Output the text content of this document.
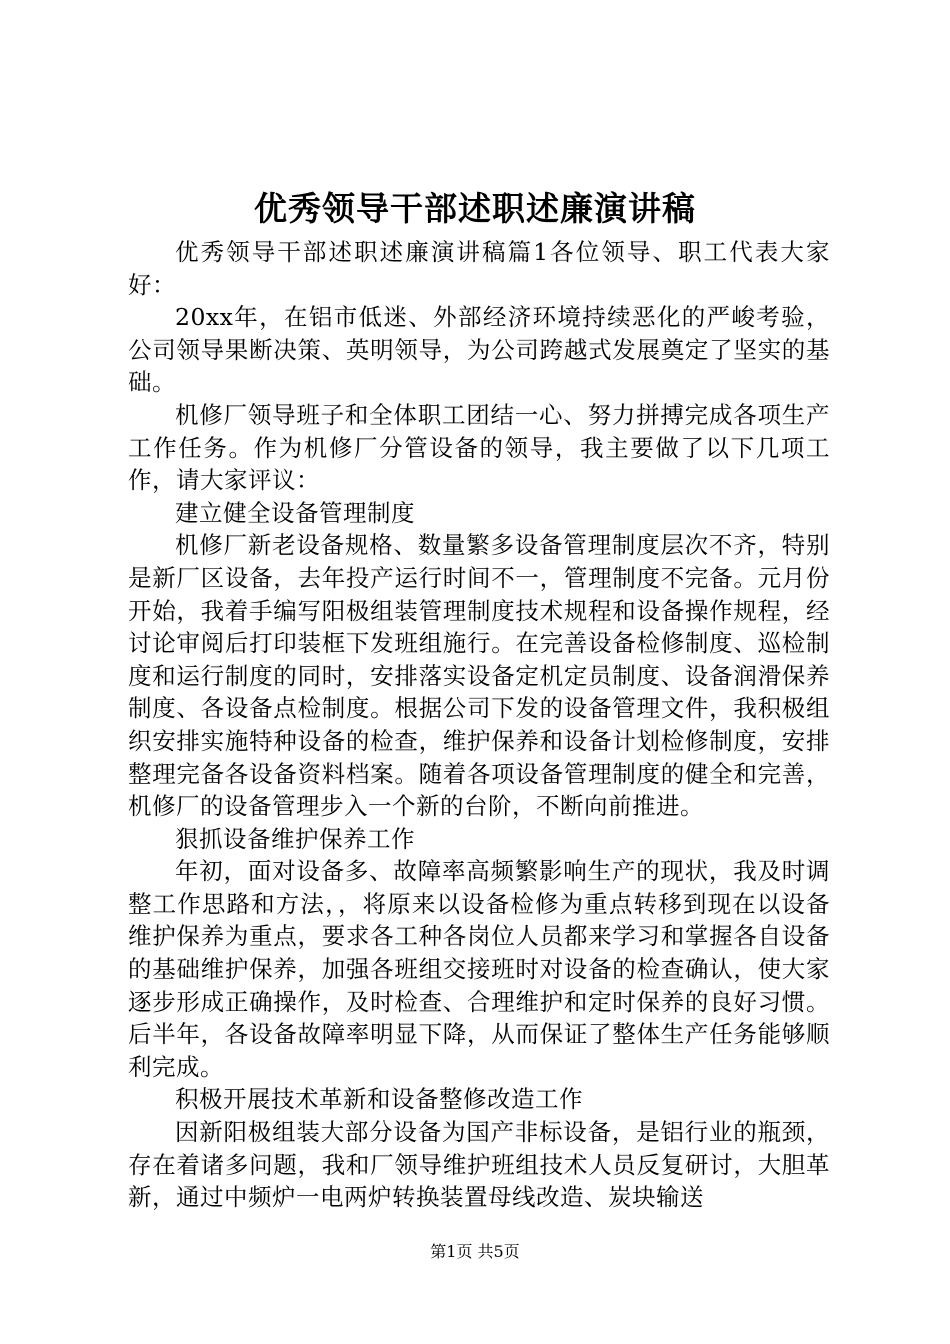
优秀领导干部述职述廉演讲稿

优秀领导干部述职述廉演讲稿篇1各位领导、职工代表大家好：

20xx年，在铝市低迷、外部经济环境持续恶化的严峻考验，公司领导果断决策、英明领导，为公司跨越式发展奠定了坚实的基础。

机修厂领导班子和全体职工团结一心、努力拼搏完成各项生产工作任务。作为机修厂分管设备的领导，我主要做了以下几项工作，请大家评议：

建立健全设备管理制度

机修厂新老设备规格、数量繁多设备管理制度层次不齐，特别是新厂区设备，去年投产运行时间不一，管理制度不完备。元月份开始，我着手编写阳极组装管理制度技术规程和设备操作规程，经讨论审阅后打印装框下发班组施行。在完善设备检修制度、巡检制度和运行制度的同时，安排落实设备定机定员制度、设备润滑保养制度、各设备点检制度。根据公司下发的设备管理文件，我积极组织安排实施特种设备的检查，维护保养和设备计划检修制度，安排整理完备各设备资料档案。随着各项设备管理制度的健全和完善，机修厂的设备管理步入一个新的台阶，不断向前推进。

狠抓设备维护保养工作

年初，面对设备多、故障率高频繁影响生产的现状，我及时调整工作思路和方法，，将原来以设备检修为重点转移到现在以设备维护保养为重点，要求各工种各岗位人员都来学习和掌握各自设备的基础维护保养，加强各班组交接班时对设备的检查确认，使大家逐步形成正确操作，及时检查、合理维护和定时保养的良好习惯。后半年，各设备故障率明显下降，从而保证了整体生产任务能够顺利完成。

积极开展技术革新和设备整修改造工作

因新阳极组装大部分设备为国产非标设备，是铝行业的瓶颈，存在着诸多问题，我和厂领导维护班组技术人员反复研讨，大胆革新，通过中频炉一电两炉转换装置母线改造、炭块输送

第1页 共5页
